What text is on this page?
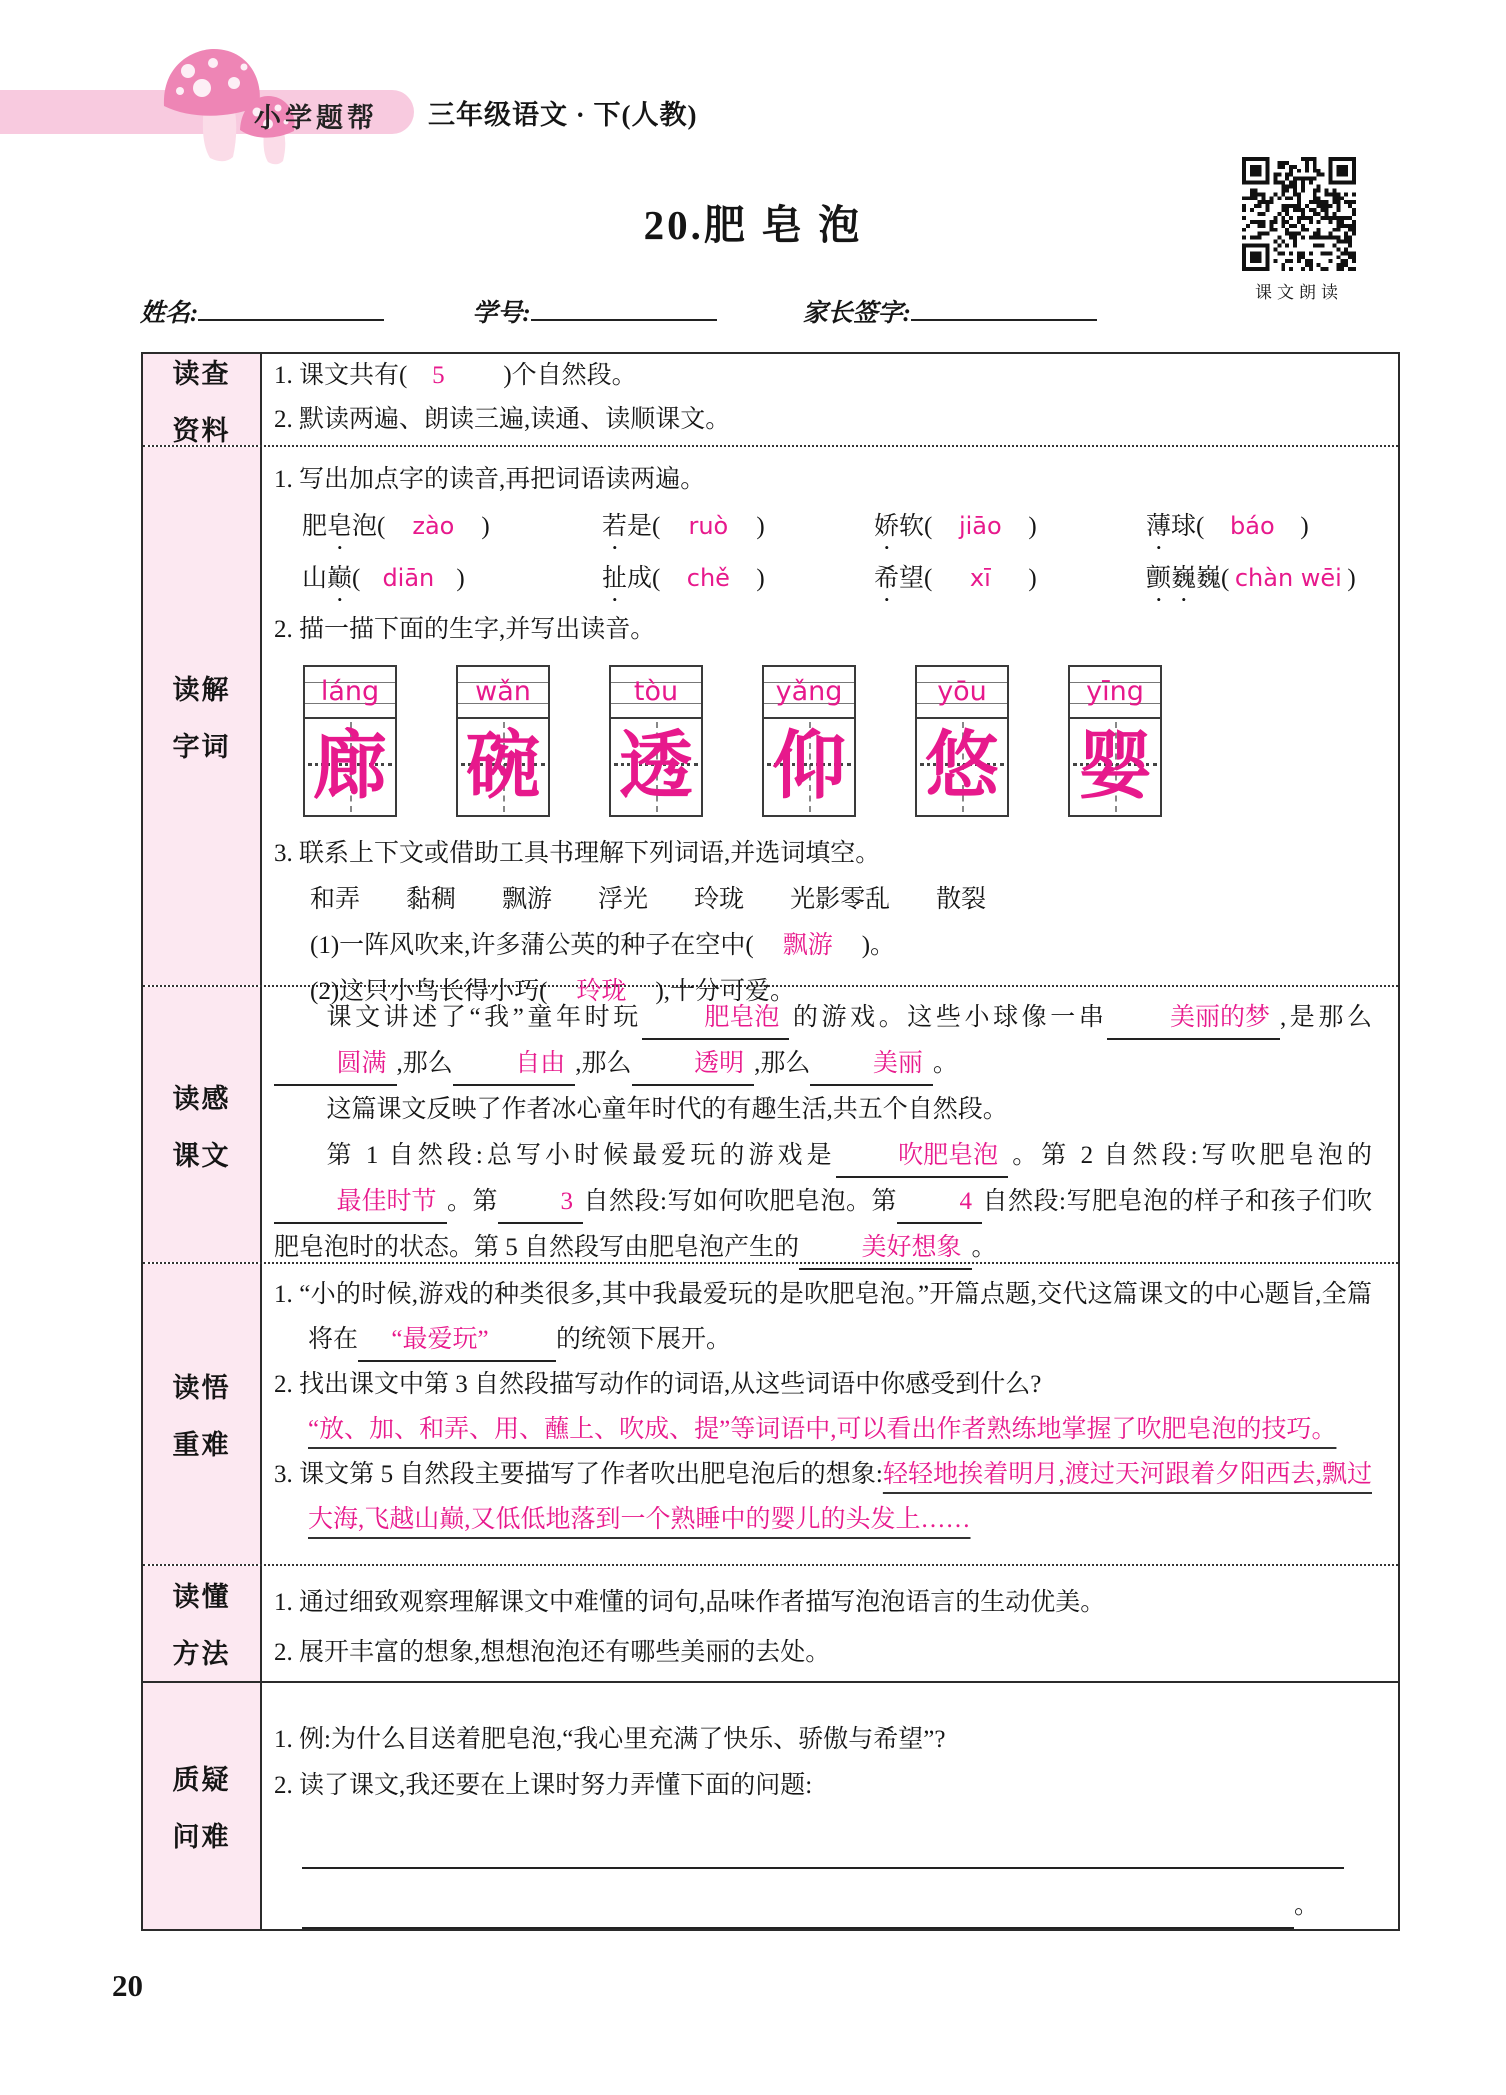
小学题帮 三年级语文 · 下(人教)
20.肥 皂 泡
课文朗读
姓名:	学号:	家长签字:
读查
资料
1. 课文共有( 5 )个自然段。
2. 默读两遍、朗读三遍,读通、读顺课文。
读解
字词
1. 写出加点字的读音,再把词语读两遍。
肥皂泡( zào )	若是( ruò )	娇软( jiāo )	薄球( báo )
山巅( diān )	扯成( chě )	希望( xī )	颤巍巍( chàn wēi )
2. 描一描下面的生字,并写出读音。
láng
廊
wǎn
碗
tòu
透
yǎng
仰
yōu
悠
yīng
婴
3. 联系上下文或借助工具书理解下列词语,并选词填空。
和弄 黏稠 飘游 浮光 玲珑 光影零乱 散裂
(1)一阵风吹来,许多蒲公英的种子在空中( 飘游 )。
(2)这只小鸟长得小巧( 玲珑 ),十分可爱。
读感
课文

课文讲述了“我”童年时玩	肥皂泡 的游戏。这些小球像一串	美丽的梦 ,是那么圆满 ,那么	自由 ,那么	透明 ,那么	美丽 。

这篇课文反映了作者冰心童年时代的有趣生活,共五个自然段。

第 1 自然段:总写小时候最爱玩的游戏是	吹肥皂泡 。第 2 自然段:写吹肥皂泡的最佳时节 。第	3 自然段:写如何吹肥皂泡。第	4 自然段:写肥皂泡的样子和孩子们吹肥皂泡时的状态。第 5 自然段写由肥皂泡产生的	美好想象 。

读悟
重难
1. “小的时候,游戏的种类很多,其中我最爱玩的是吹肥皂泡。”开篇点题,交代这篇课文的中心题旨,全篇将在 “最爱玩”	的统领下展开。
2. 找出课文中第 3 自然段描写动作的词语,从这些词语中你感受到什么?
“放、加、和弄、用、蘸上、吹成、提”等词语中,可以看出作者熟练地掌握了吹肥皂泡的技巧。
3. 课文第 5 自然段主要描写了作者吹出肥皂泡后的想象:轻轻地挨着明月,渡过天河跟着夕阳西去,飘过大海,飞越山巅,又低低地落到一个熟睡中的婴儿的头发上……
读懂
方法
1. 通过细致观察理解课文中难懂的词句,品味作者描写泡泡语言的生动优美。
2. 展开丰富的想象,想想泡泡还有哪些美丽的去处。
质疑
问难
1. 例:为什么目送着肥皂泡,“我心里充满了快乐、骄傲与希望”?
2. 读了课文,我还要在上课时努力弄懂下面的问题:
。
20
